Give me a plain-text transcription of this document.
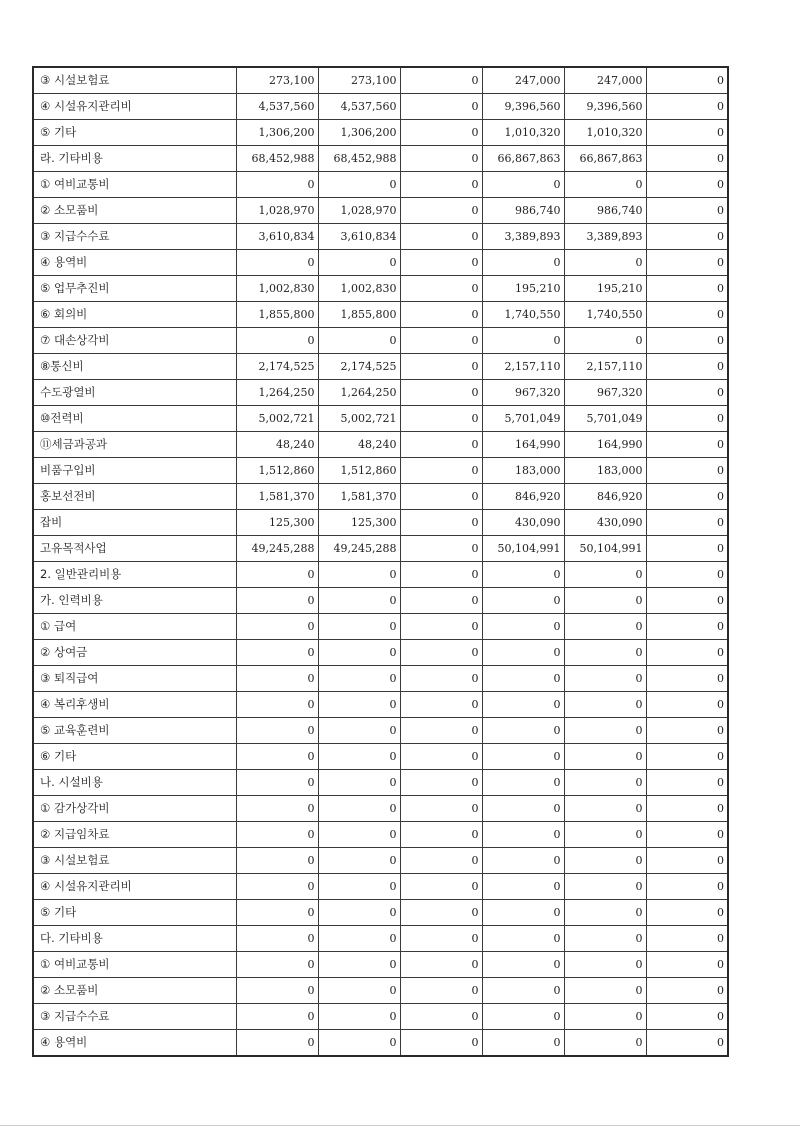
③ 시설보험료	273,100	273,100	0	247,000	247,000	0
④ 시설유지관리비	4,537,560	4,537,560	0	9,396,560	9,396,560	0
⑤ 기타	1,306,200	1,306,200	0	1,010,320	1,010,320	0
라. 기타비용	68,452,988	68,452,988	0	66,867,863	66,867,863	0
① 여비교통비	0	0	0	0	0	0
② 소모품비	1,028,970	1,028,970	0	986,740	986,740	0
③ 지급수수료	3,610,834	3,610,834	0	3,389,893	3,389,893	0
④ 용역비	0	0	0	0	0	0
⑤ 업무추진비	1,002,830	1,002,830	0	195,210	195,210	0
⑥ 회의비	1,855,800	1,855,800	0	1,740,550	1,740,550	0
⑦ 대손상각비	0	0	0	0	0	0
⑧통신비	2,174,525	2,174,525	0	2,157,110	2,157,110	0
수도광열비	1,264,250	1,264,250	0	967,320	967,320	0
⑩전력비	5,002,721	5,002,721	0	5,701,049	5,701,049	0
⑪세금과공과	48,240	48,240	0	164,990	164,990	0
비품구입비	1,512,860	1,512,860	0	183,000	183,000	0
홍보선전비	1,581,370	1,581,370	0	846,920	846,920	0
잡비	125,300	125,300	0	430,090	430,090	0
고유목적사업	49,245,288	49,245,288	0	50,104,991	50,104,991	0
2. 일반관리비용	0	0	0	0	0	0
가. 인력비용	0	0	0	0	0	0
① 급여	0	0	0	0	0	0
② 상여금	0	0	0	0	0	0
③ 퇴직급여	0	0	0	0	0	0
④ 복리후생비	0	0	0	0	0	0
⑤ 교육훈련비	0	0	0	0	0	0
⑥ 기타	0	0	0	0	0	0
나. 시설비용	0	0	0	0	0	0
① 감가상각비	0	0	0	0	0	0
② 지급임차료	0	0	0	0	0	0
③ 시설보험료	0	0	0	0	0	0
④ 시설유지관리비	0	0	0	0	0	0
⑤ 기타	0	0	0	0	0	0
다. 기타비용	0	0	0	0	0	0
① 여비교통비	0	0	0	0	0	0
② 소모품비	0	0	0	0	0	0
③ 지급수수료	0	0	0	0	0	0
④ 용역비	0	0	0	0	0	0
